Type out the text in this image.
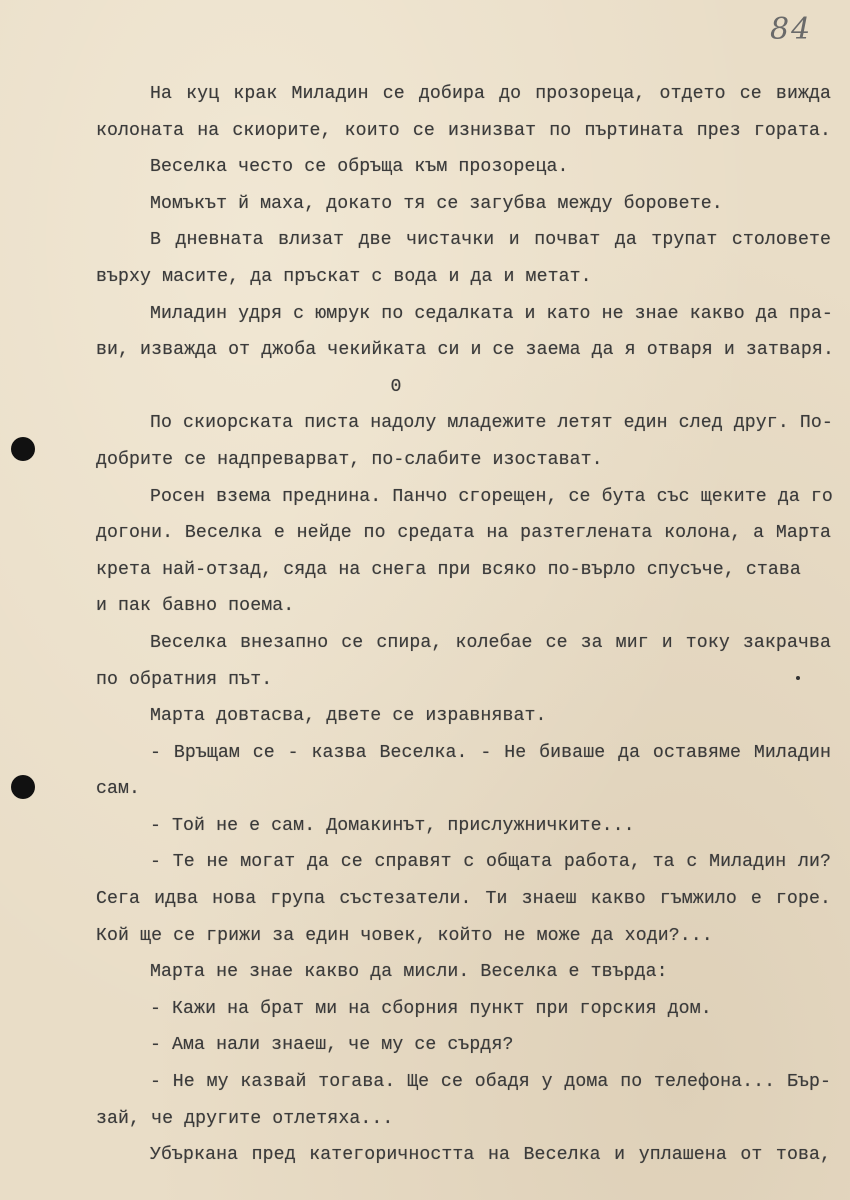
84
На куц крак Миладин се добира до прозореца, отдето се вижда
колоната на скиорите, които се изнизват по пъртината през гората.
Веселка често се обръща към прозореца.
Момъкът й маха, докато тя се загубва между боровете.
В дневната влизат две чистачки и почват да трупат столовете
върху масите, да пръскат с вода и да и метат.
Миладин удря с юмрук по седалката и като не знае какво да пра-
ви, изважда от джоба чекийката си и се заема да я отваря и затваря.
0
По скиорската писта надолу младежите летят един след друг. По-
добрите се надпреварват, по-слабите изостават.
Росен взема преднина. Панчо сгорещен, се бута със щеките да го
догони. Веселка е нейде по средата на разтеглената колона, а Марта
крета най-отзад, сяда на снега при всяко по-върло спусъче, става
и пак бавно поема.
Веселка внезапно се спира, колебае се за миг и току закрачва
по обратния път.
Марта довтасва, двете се изравняват.
- Връщам се - казва Веселка. - Не биваше да оставяме Миладин
сам.
- Той не е сам. Домакинът, прислужничките...
- Те не могат да се справят с общата работа, та с Миладин ли?
Сега идва нова група състезатели. Ти знаеш какво гъмжило е горе.
Кой ще се грижи за един човек, който не може да ходи?...
Марта не знае какво да мисли. Веселка е твърда:
- Кажи на брат ми на сборния пункт при горския дом.
- Ама нали знаеш, че му се сърдя?
- Не му казвай тогава. Ще се обадя у дома по телефона... Бър-
зай, че другите отлетяха...
Убъркана пред категоричността на Веселка и уплашена от това,
